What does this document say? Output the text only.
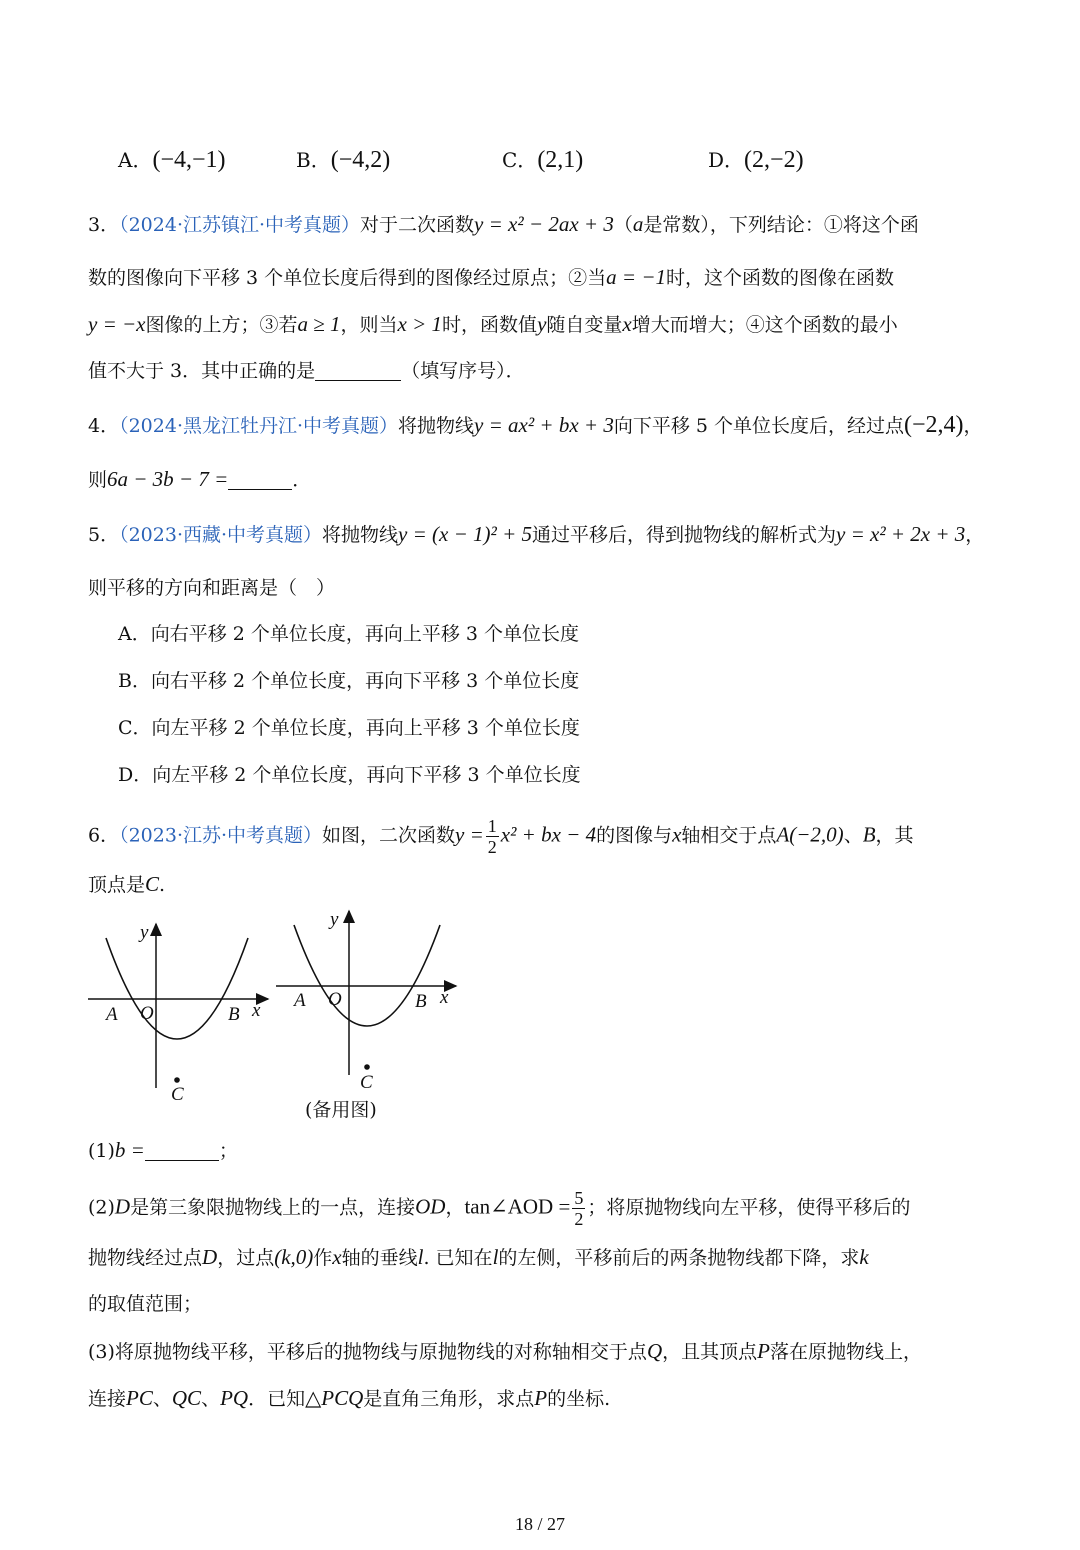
A．(−4,−1)	B．(−4,2)	C．(2,1)	D．(2,−2)
3．（2024·江苏镇江·中考真题）对于二次函数y = x² − 2ax + 3（a是常数），下列结论：①将这个函
数的图像向下平移 3 个单位长度后得到的图像经过原点；②当a = −1时，这个函数的图像在函数
y = −x图像的上方；③若a ≥ 1，则当x > 1时，函数值y随自变量x增大而增大；④这个函数的最小
值不大于 3．其中正确的是	（填写序号）．
4．（2024·黑龙江牡丹江·中考真题）将抛物线y = ax² + bx + 3向下平移 5 个单位长度后，经过点(−2,4)，
则6a − 3b − 7 =	．
5．（2023·西藏·中考真题）将抛物线y = (x − 1)² + 5通过平移后，得到抛物线的解析式为y = x² + 2x + 3，
则平移的方向和距离是（　）
A．向右平移 2 个单位长度，再向上平移 3 个单位长度
B．向右平移 2 个单位长度，再向下平移 3 个单位长度
C．向左平移 2 个单位长度，再向上平移 3 个单位长度
D．向左平移 2 个单位长度，再向下平移 3 个单位长度
6．（2023·江苏·中考真题）如图，二次函数$y = \frac{1}{2} x^2$ + bx − 4的图像与x轴相交于点A(−2,0)、B，其
顶点是C.
y
x
A O	B
C
y
x
A O	B
C
(备用图)
(1)b =	；
(2)D是第三象限抛物线上的一点，连接OD，tan∠AOD = $\frac{5}{2}$ ；将原抛物线向左平移，使得平移后的
抛物线经过点D，过点(k,0)作x轴的垂线l. 已知在l的左侧，平移前后的两条抛物线都下降，求k
的取值范围；
(3)将原抛物线平移，平移后的抛物线与原抛物线的对称轴相交于点Q，且其顶点P落在原抛物线上，
连接PC、QC、PQ．已知△PCQ是直角三角形，求点P的坐标.
18 / 27
